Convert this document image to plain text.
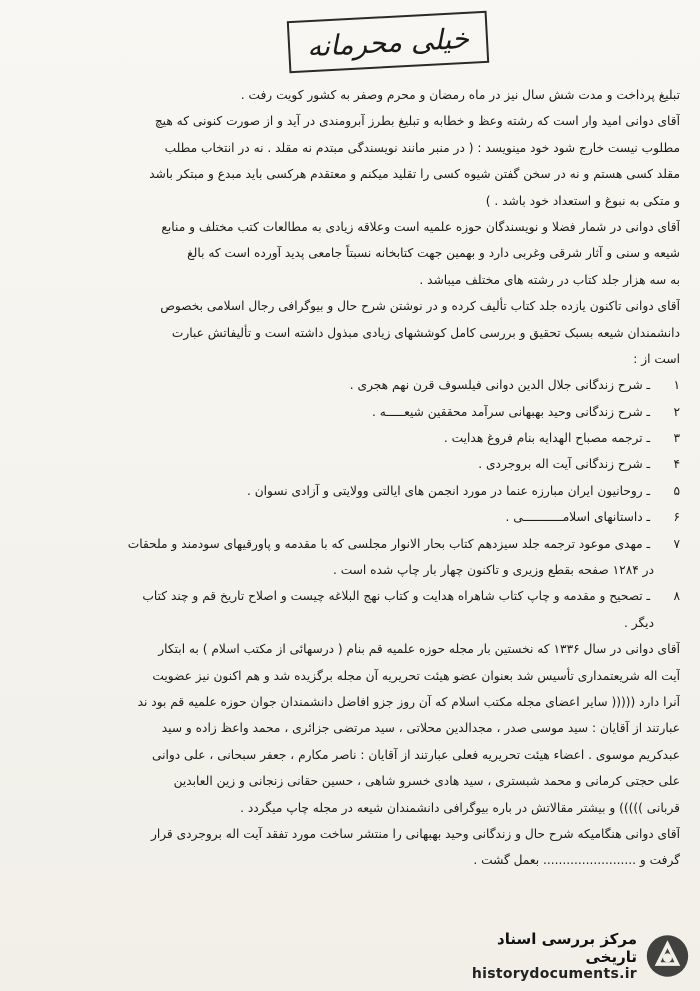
خیلی محرمانه
تبلیغ پرداخت و مدت شش سال نیز در ماه رمضان و محرم وصفر به کشور کویت رفت .
آقای دوانی امید وار است که رشته وعظ و خطابه و تبلیغ بطرز آبرومندی در آید و از صورت کنونی که هیچ
مطلوب نیست خارج شود خود مینویسد : ( در منبر مانند نویسندگی مبتدم نه مقلد . نه در انتخاب مطلب
مقلد کسی هستم و نه در سخن گفتن شیوه کسی را تقلید میکنم و معتقدم هرکسی باید مبدع و مبتکر باشد
و متکی به نبوغ و استعداد خود باشد . )
آقای دوانی در شمار فضلا و نویسندگان حوزه علمیه است وعلاقه زیادی به مطالعات کتب مختلف و منابع
شیعه و سنی و آثار شرقی وغربی دارد و بهمین جهت کتابخانه نسبتاً جامعی پدید آورده است که بالغ
به سه هزار جلد کتاب در رشته های مختلف میباشد .
آقای دوانی تاکنون یازده جلد کتاب تألیف کرده و در نوشتن شرح حال و بیوگرافی رجال اسلامی بخصوص
دانشمندان شیعه بسبک تحقیق و بررسی کامل کوششهای زیادی مبذول داشته است و تألیفاتش عبارت
است از :
۱ ـ شرح زندگانی جلال الدین دوانی فیلسوف قرن نهم هجری .
۲ ـ شرح زندگانی وحید بهبهانی سرآمد محققین شیعـــــه .
۳ ـ ترجمه مصباح الهدایه بنام فروغ هدایت .
۴ ـ شرح زندگانی آیت اله بروجردی .
۵ ـ روحانیون ایران مبارزه عنما در مورد انجمن های ایالتی وولایتی و آزادی نسوان .
۶ ـ داستانهای اسلامـــــــــــی .
۷ ـ مهدی موعود ترجمه جلد سیزدهم کتاب بحار الانوار مجلسی که با مقدمه و پاورقیهای سودمند و ملحقات
در ۱۲۸۴ صفحه بقطع وزیری و تاکنون چهار بار چاپ شده است .
۸ ـ تصحیح و مقدمه و چاپ کتاب شاهراه هدایت و کتاب نهج البلاغه چیست و اصلاح تاریخ قم و چند کتاب
دیگر .
آقای دوانی در سال ۱۳۳۶ که نخستین بار مجله حوزه علمیه قم بنام ( درسهائی از مکتب اسلام ) به ابتکار
آیت اله شریعتمداری تأسیس شد بعنوان عضو هیئت تحریریه آن مجله برگزیده شد و هم اکنون نیز عضویت
آنرا دارد ((((( سایر اعضای مجله مکتب اسلام که آن روز جزو افاضل دانشمندان جوان حوزه علمیه قم بود ند
عبارتند از آقایان : سید موسی صدر ، مجدالدین محلاتی ، سید مرتضی جزائری ، محمد واعظ زاده و سید
عبدکریم موسوی . اعضاء هیئت تحریریه فعلی عبارتند از آقایان : ناصر مکارم ، جعفر سبحانی ، علی دوانی
علی حجتی کرمانی و محمد شبستری ، سید هادی خسرو شاهی ، حسین حقانی زنجانی و زین العابدین
قربانی ))))) و بیشتر مقالاتش در باره بیوگرافی دانشمندان شیعه در مجله چاپ میگردد .
آقای دوانی هنگامیکه شرح حال و زندگانی وحید بهبهانی را منتشر ساخت مورد تفقد آیت اله بروجردی قرار
گرفت و ........................ بعمل گشت .
مرکز بررسی اسناد تاریخی
historydocuments.ir
